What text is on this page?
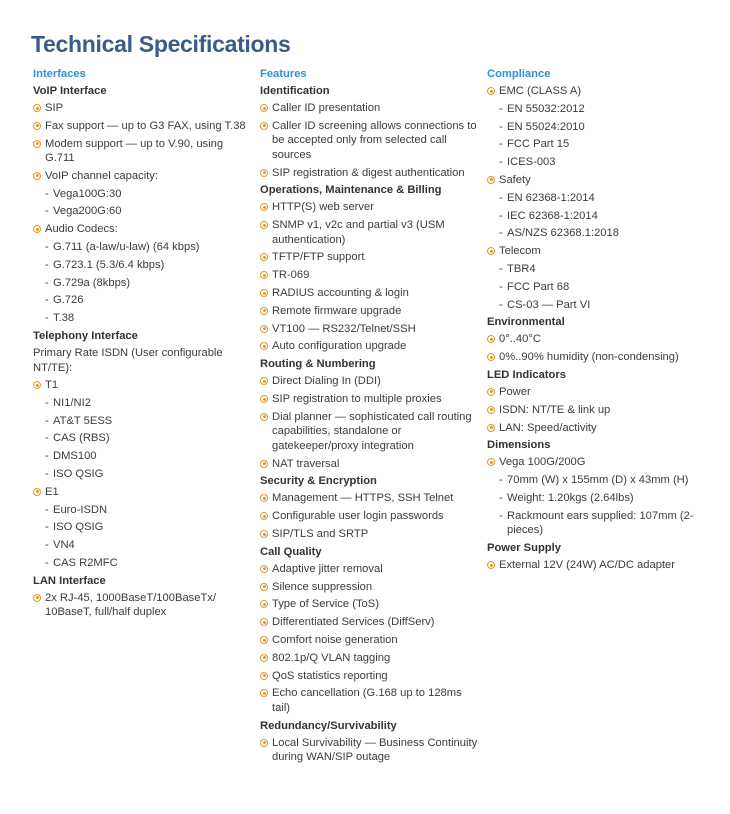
Technical Specifications
Interfaces
VoIP Interface
SIP
Fax support — up to G3 FAX, using T.38
Modem support — up to V.90, using G.711
VoIP channel capacity:
- Vega100G:30
- Vega200G:60
Audio Codecs:
- G.711 (a-law/u-law) (64 kbps)
- G.723.1 (5.3/6.4 kbps)
- G.729a (8kbps)
- G.726
- T.38
Telephony Interface
Primary Rate ISDN (User configurable NT/TE):
T1
- NI1/NI2
- AT&T 5ESS
- CAS (RBS)
- DMS100
- ISO QSIG
E1
- Euro-ISDN
- ISO QSIG
- VN4
- CAS R2MFC
LAN Interface
2x RJ-45, 1000BaseT/100BaseTx/ 10BaseT, full/half duplex
Features
Identification
Caller ID presentation
Caller ID screening allows connections to be accepted only from selected call sources
SIP registration & digest authentication
Operations, Maintenance & Billing
HTTP(S) web server
SNMP v1, v2c and partial v3 (USM authentication)
TFTP/FTP support
TR-069
RADIUS accounting & login
Remote firmware upgrade
VT100 — RS232/Telnet/SSH
Auto configuration upgrade
Routing & Numbering
Direct Dialing In (DDI)
SIP registration to multiple proxies
Dial planner — sophisticated call routing capabilities, standalone or gatekeeper/proxy integration
NAT traversal
Security & Encryption
Management — HTTPS, SSH Telnet
Configurable user login passwords
SIP/TLS and SRTP
Call Quality
Adaptive jitter removal
Silence suppression
Type of Service (ToS)
Differentiated Services (DiffServ)
Comfort noise generation
802.1p/Q VLAN tagging
QoS statistics reporting
Echo cancellation (G.168 up to 128ms tail)
Redundancy/Survivability
Local Survivability — Business Continuity during WAN/SIP outage
Compliance
EMC (CLASS A)
- EN 55032:2012
- EN 55024:2010
- FCC Part 15
- ICES-003
Safety
- EN 62368-1:2014
- IEC 62368-1:2014
- AS/NZS 62368.1:2018
Telecom
- TBR4
- FCC Part 68
- CS-03 — Part VI
Environmental
0°..40°C
0%..90% humidity (non-condensing)
LED Indicators
Power
ISDN: NT/TE & link up
LAN: Speed/activity
Dimensions
Vega 100G/200G
- 70mm (W) x 155mm (D) x 43mm (H)
- Weight: 1.20kgs (2.64lbs)
- Rackmount ears supplied: 107mm (2-pieces)
Power Supply
External 12V (24W) AC/DC adapter
